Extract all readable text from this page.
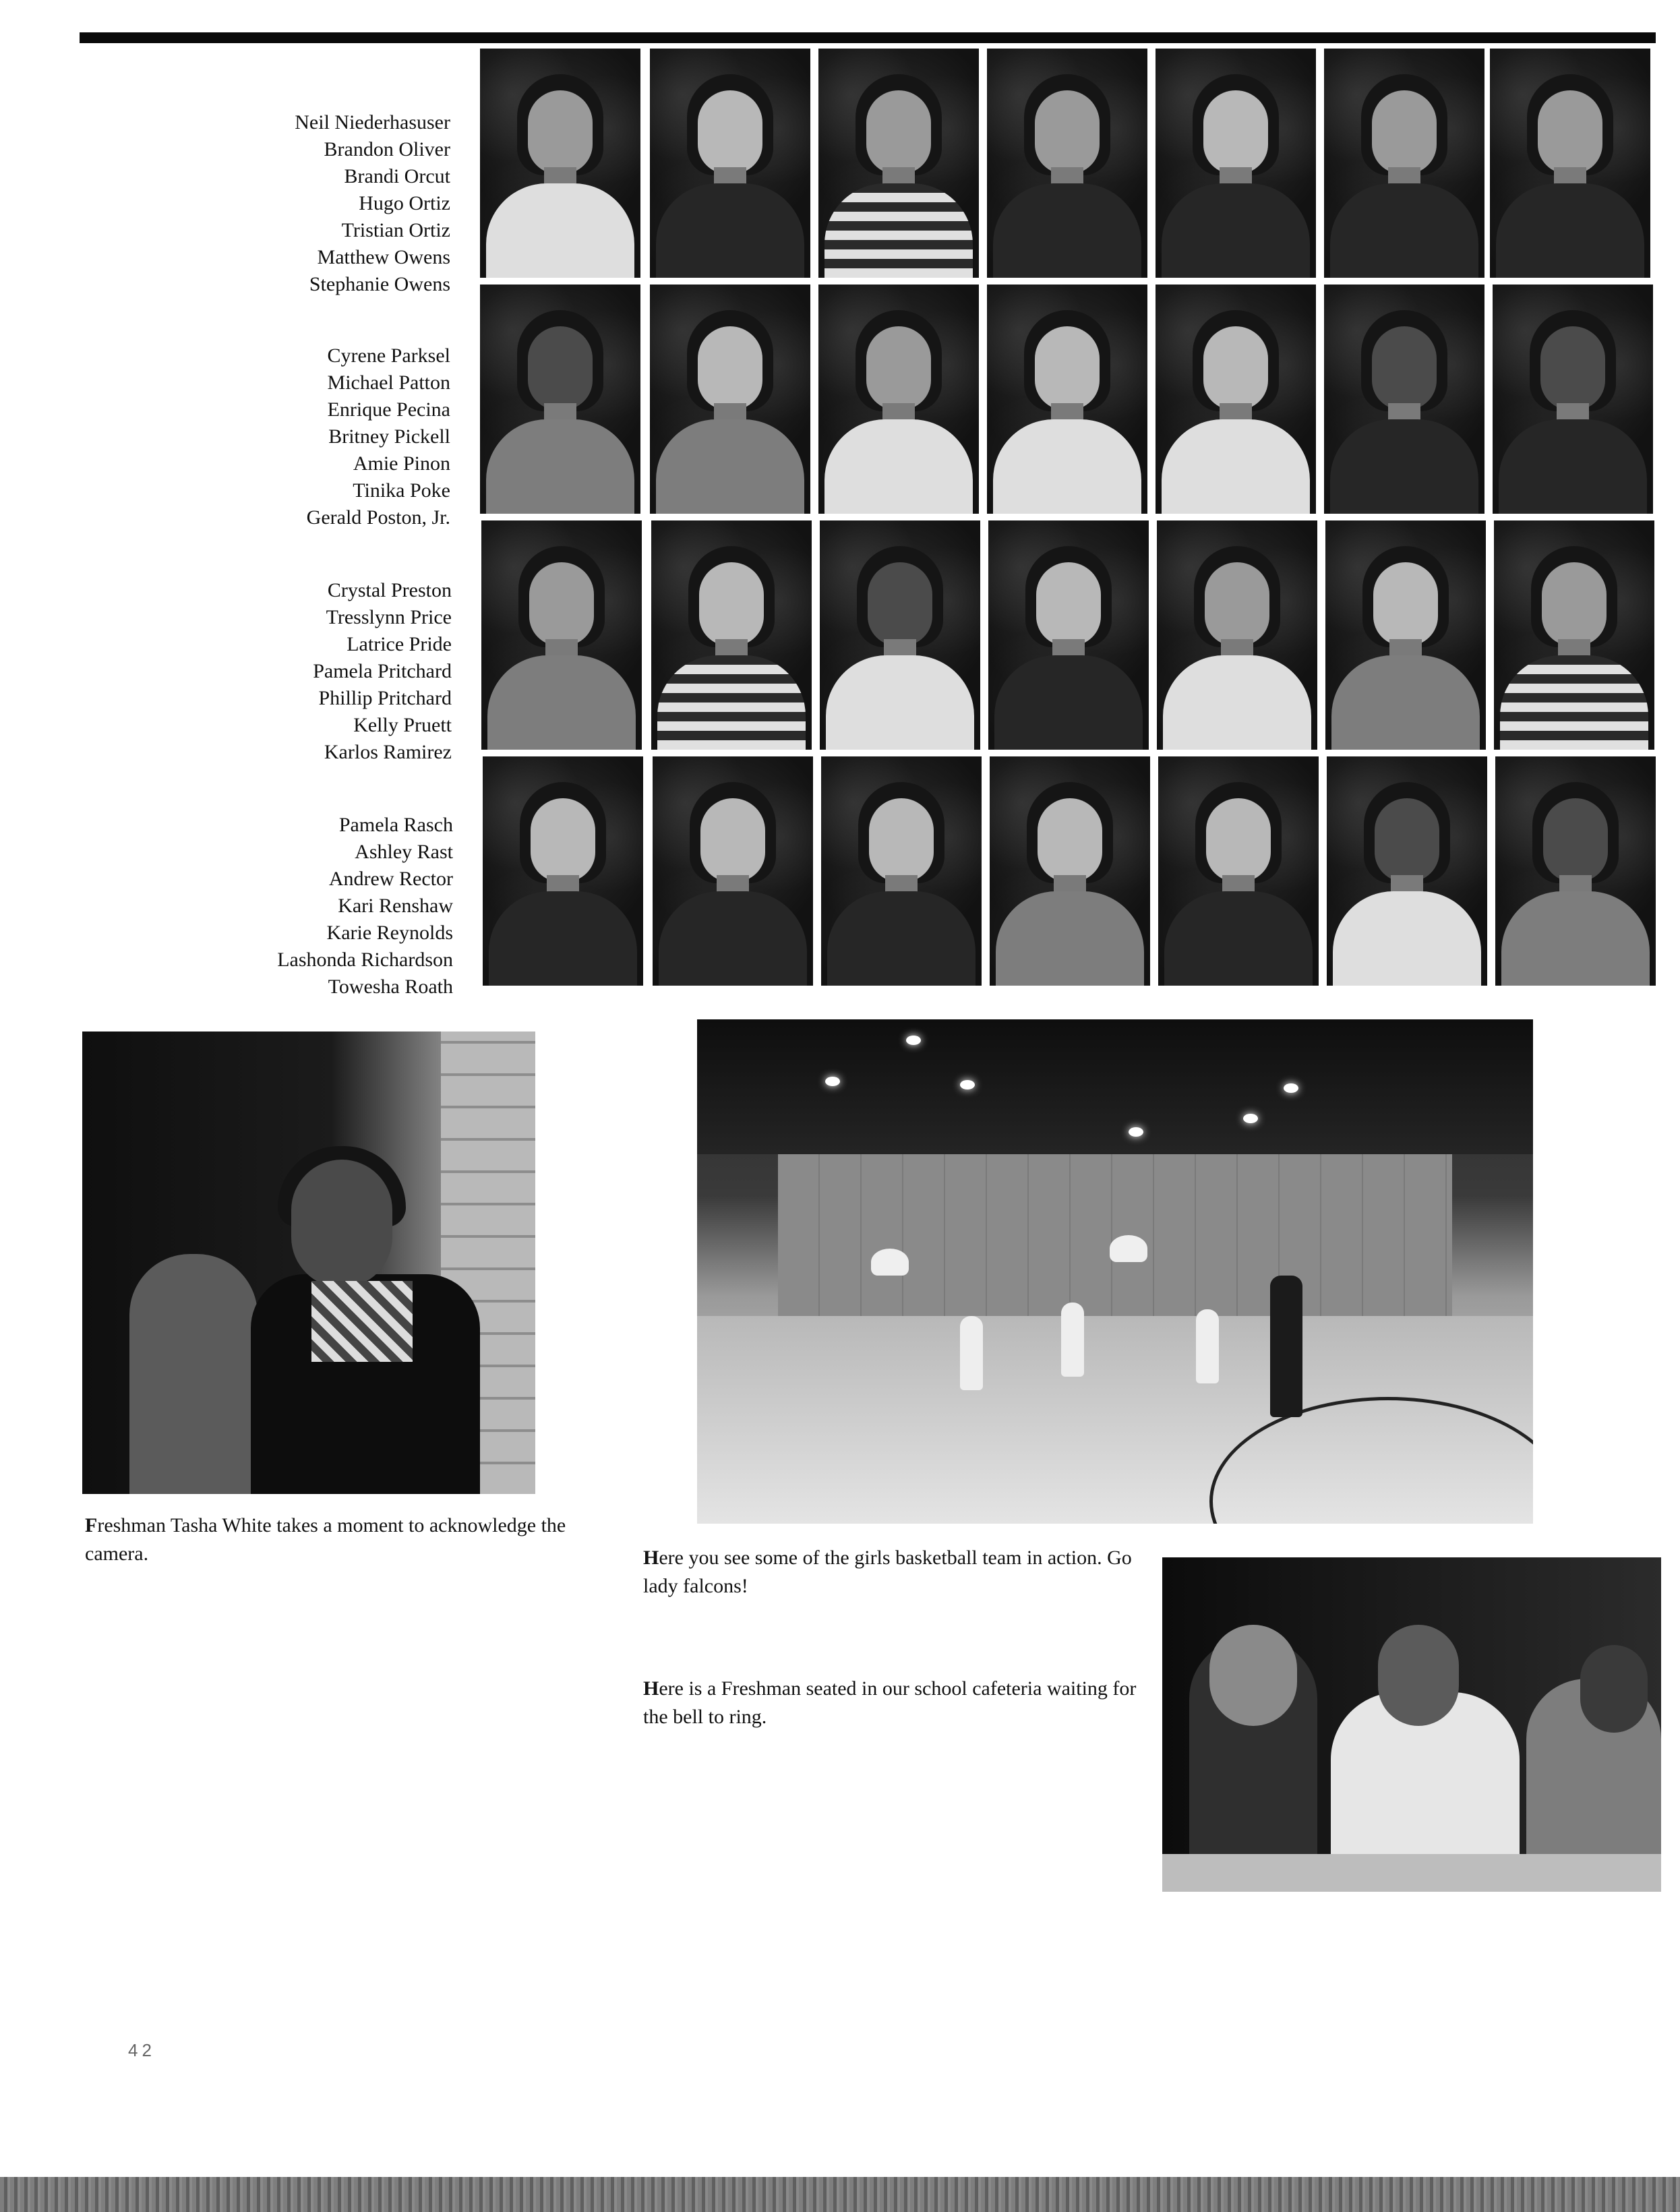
Neil Niederhasuser
Brandon Oliver
Brandi Orcut
Hugo Ortiz
Tristian Ortiz
Matthew Owens
Stephanie Owens
Cyrene Parksel
Michael Patton
Enrique Pecina
Britney Pickell
Amie Pinon
Tinika Poke
Gerald Poston, Jr.
Crystal Preston
Tresslynn Price
Latrice Pride
Pamela Pritchard
Phillip Pritchard
Kelly Pruett
Karlos Ramirez
Pamela Rasch
Ashley Rast
Andrew Rector
Kari Renshaw
Karie Reynolds
Lashonda Richardson
Towesha Roath
Freshman Tasha White takes a moment to acknowledge the camera.	Here you see some of the girls basketball team in action. Go lady falcons!
Here is a Freshman seated in our school cafeteria waiting for the bell to ring.
42
